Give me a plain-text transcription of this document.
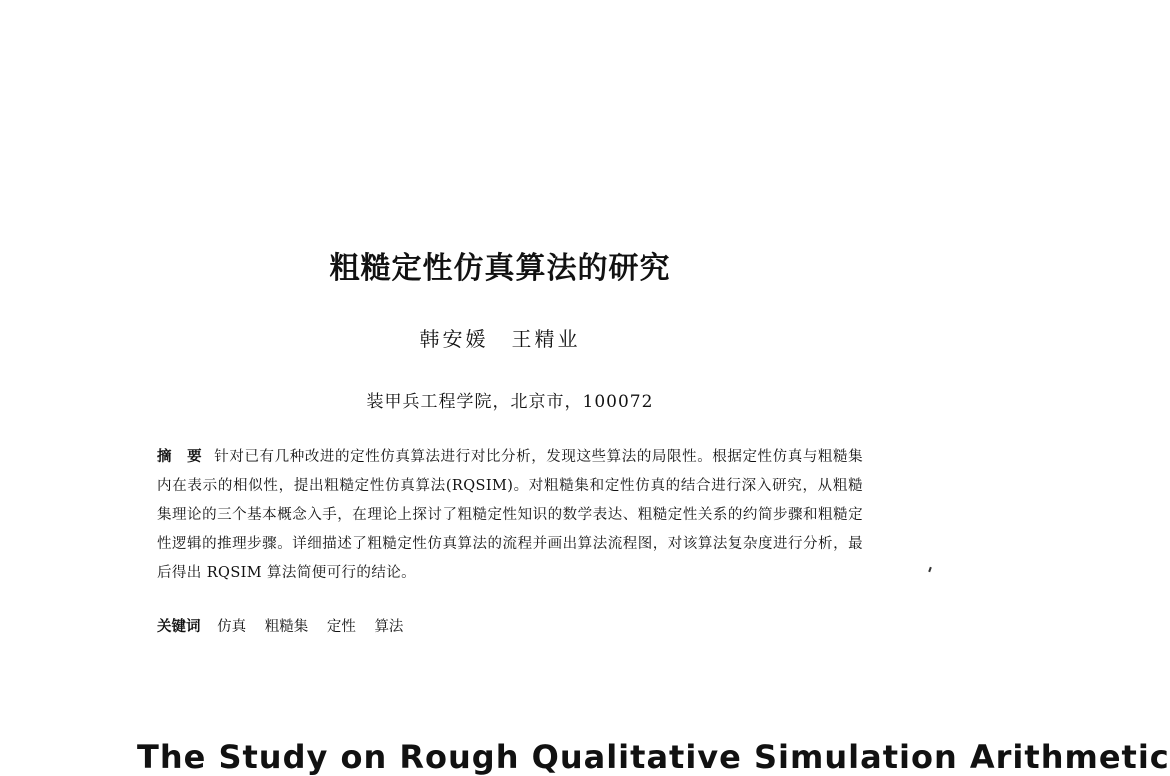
粗糙定性仿真算法的研究
韩安媛　王精业
装甲兵工程学院，北京市，100072
摘　要 针对已有几种改进的定性仿真算法进行对比分析，发现这些算法的局限性。根据定性仿真与粗糙集内在表示的相似性，提出粗糙定性仿真算法(RQSIM)。对粗糙集和定性仿真的结合进行深入研究，从粗糙集理论的三个基本概念入手，在理论上探讨了粗糙定性知识的数学表达、粗糙定性关系的约简步骤和粗糙定性逻辑的推理步骤。详细描述了粗糙定性仿真算法的流程并画出算法流程图，对该算法复杂度进行分析，最后得出 RQSIM 算法简便可行的结论。
关键词 仿真 粗糙集 定性 算法
The Study on Rough Qualitative Simulation Arithmetic
